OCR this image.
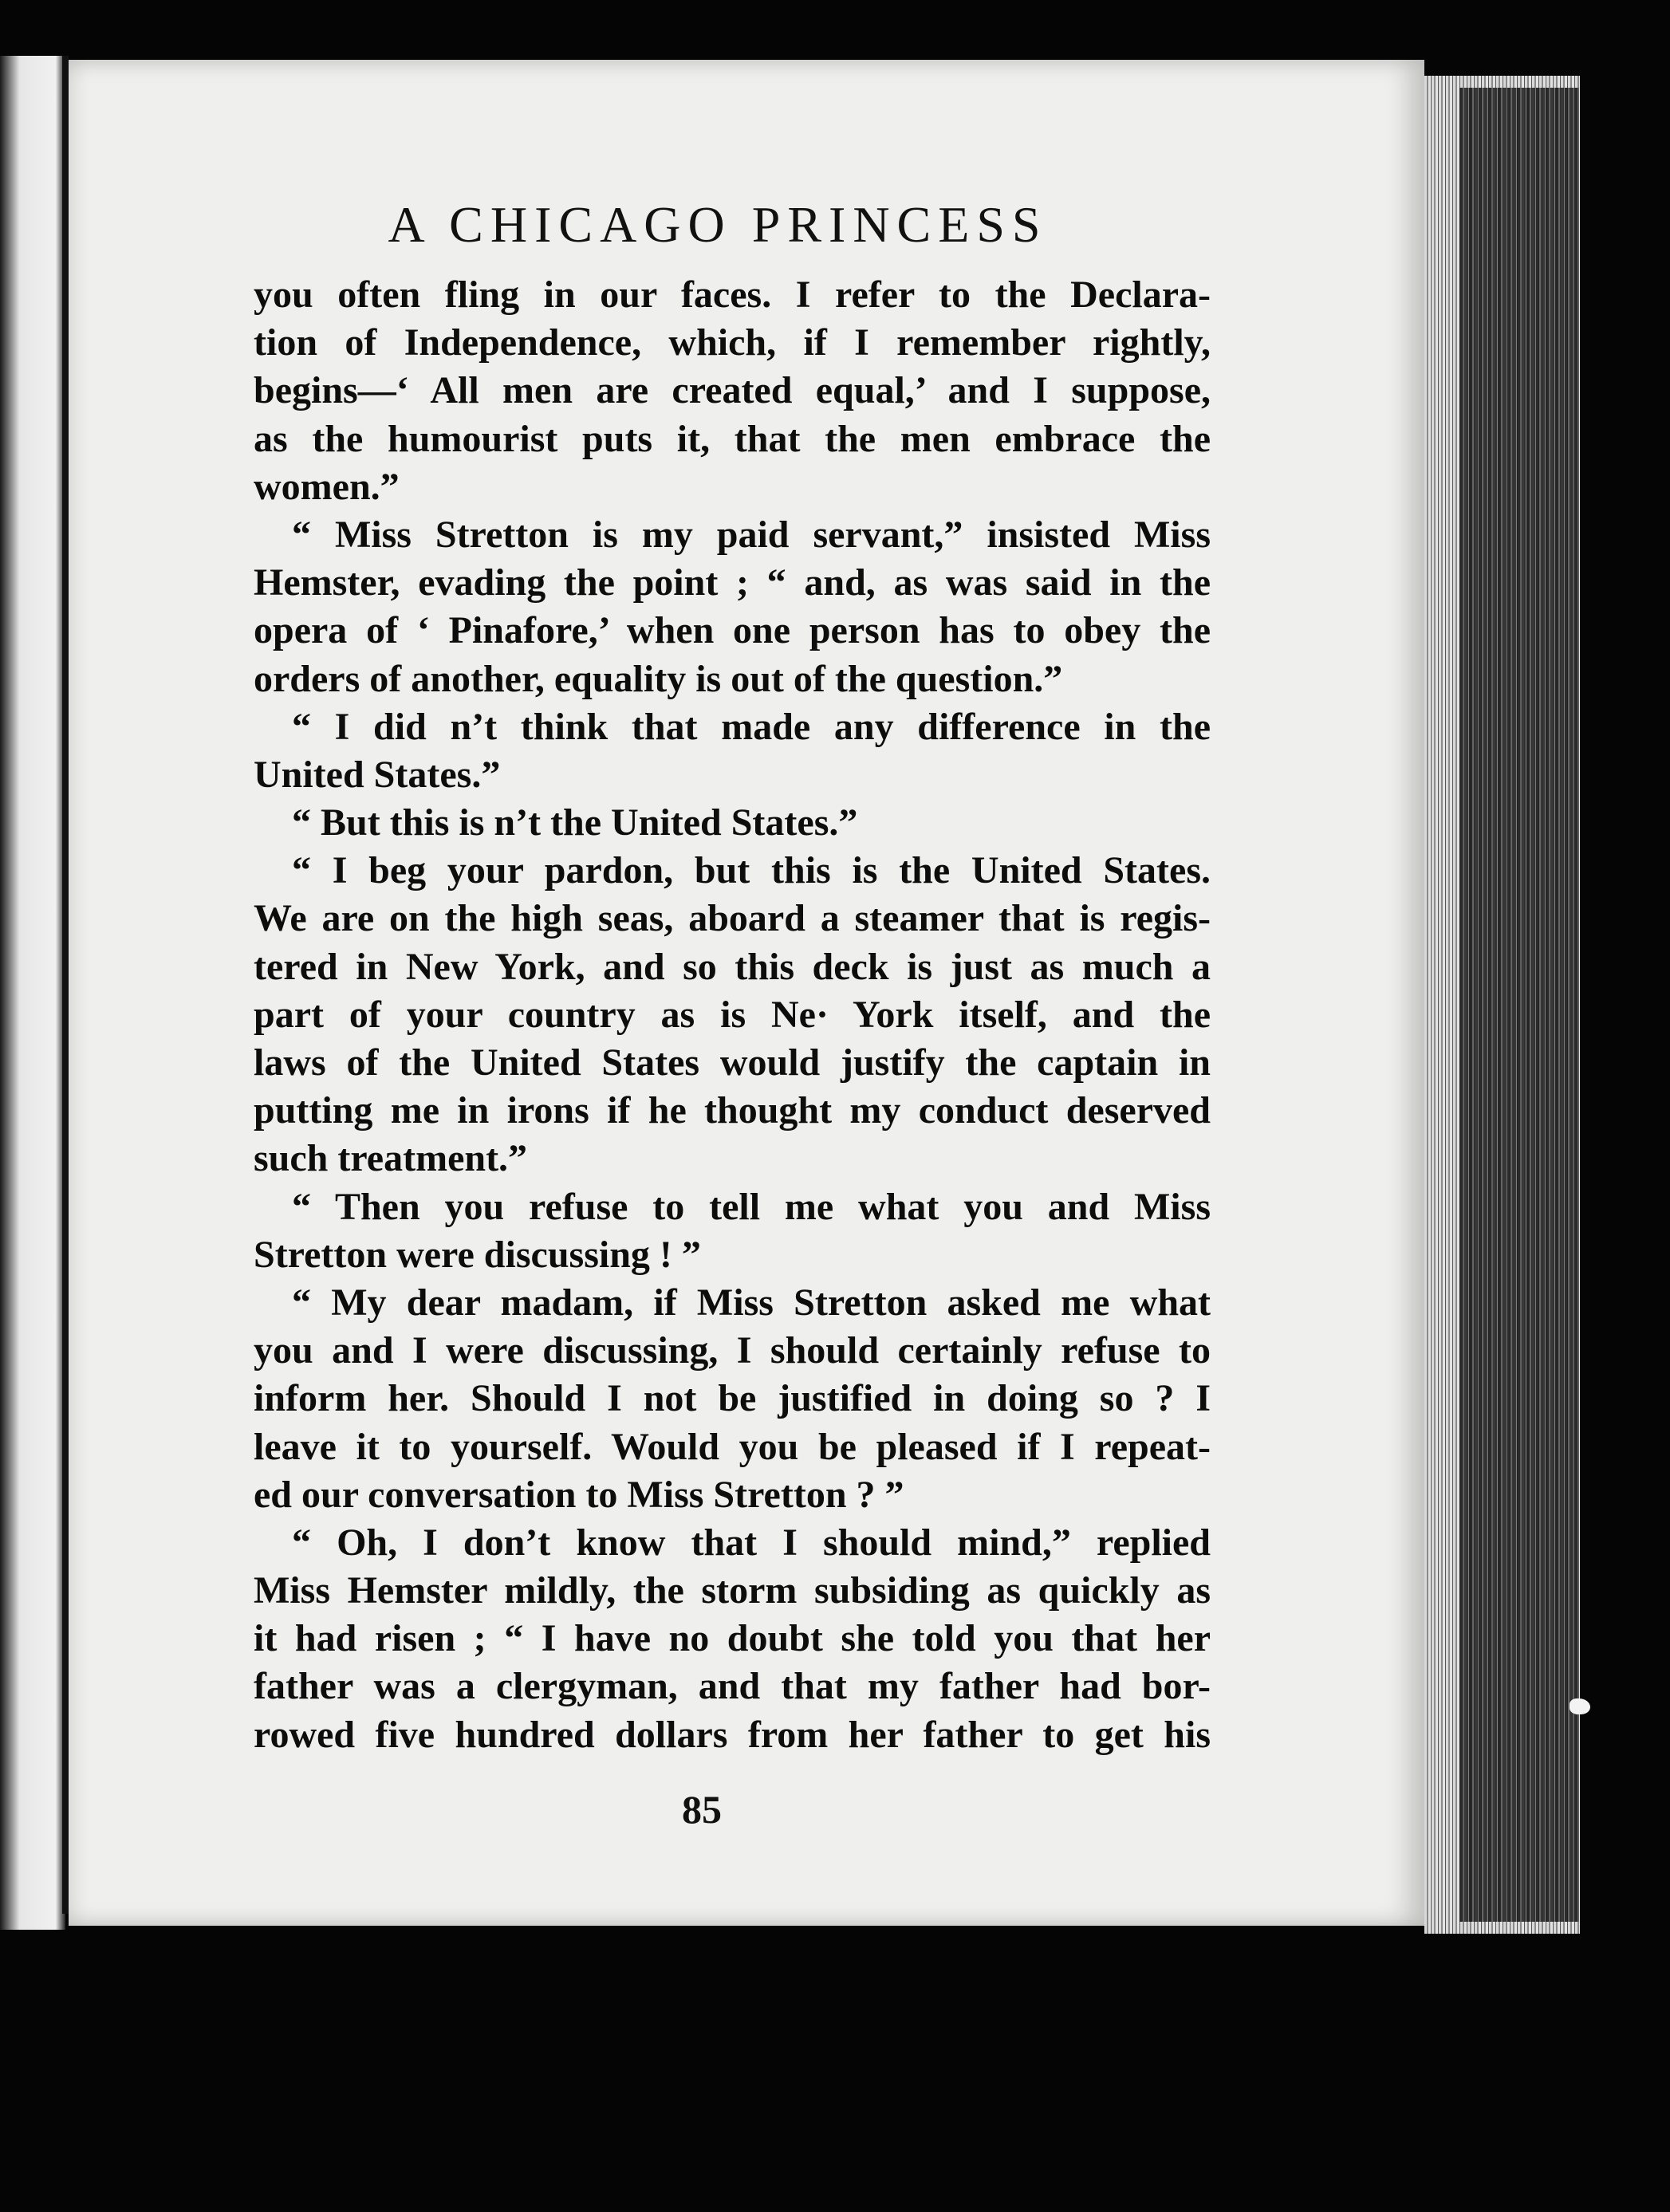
A CHICAGO PRINCESS
you often fling in our faces. I refer to the Declara-
tion of Independence, which, if I remember rightly,
begins—‘ All men are created equal,’ and I suppose,
as the humourist puts it, that the men embrace the
women.”
“ Miss Stretton is my paid servant,” insisted Miss
Hemster, evading the point ; “ and, as was said in the
opera of ‘ Pinafore,’ when one person has to obey the
orders of another, equality is out of the question.”
“ I did n’t think that made any difference in the
United States.”
“ But this is n’t the United States.”
“ I beg your pardon, but this is the United States.
We are on the high seas, aboard a steamer that is regis-
tered in New York, and so this deck is just as much a
part of your country as is Ne· York itself, and the
laws of the United States would justify the captain in
putting me in irons if he thought my conduct deserved
such treatment.”
“ Then you refuse to tell me what you and Miss
Stretton were discussing ! ”
“ My dear madam, if Miss Stretton asked me what
you and I were discussing, I should certainly refuse to
inform her. Should I not be justified in doing so ? I
leave it to yourself. Would you be pleased if I repeat-
ed our conversation to Miss Stretton ? ”
“ Oh, I don’t know that I should mind,” replied
Miss Hemster mildly, the storm subsiding as quickly as
it had risen ; “ I have no doubt she told you that her
father was a clergyman, and that my father had bor-
rowed five hundred dollars from her father to get his
85
